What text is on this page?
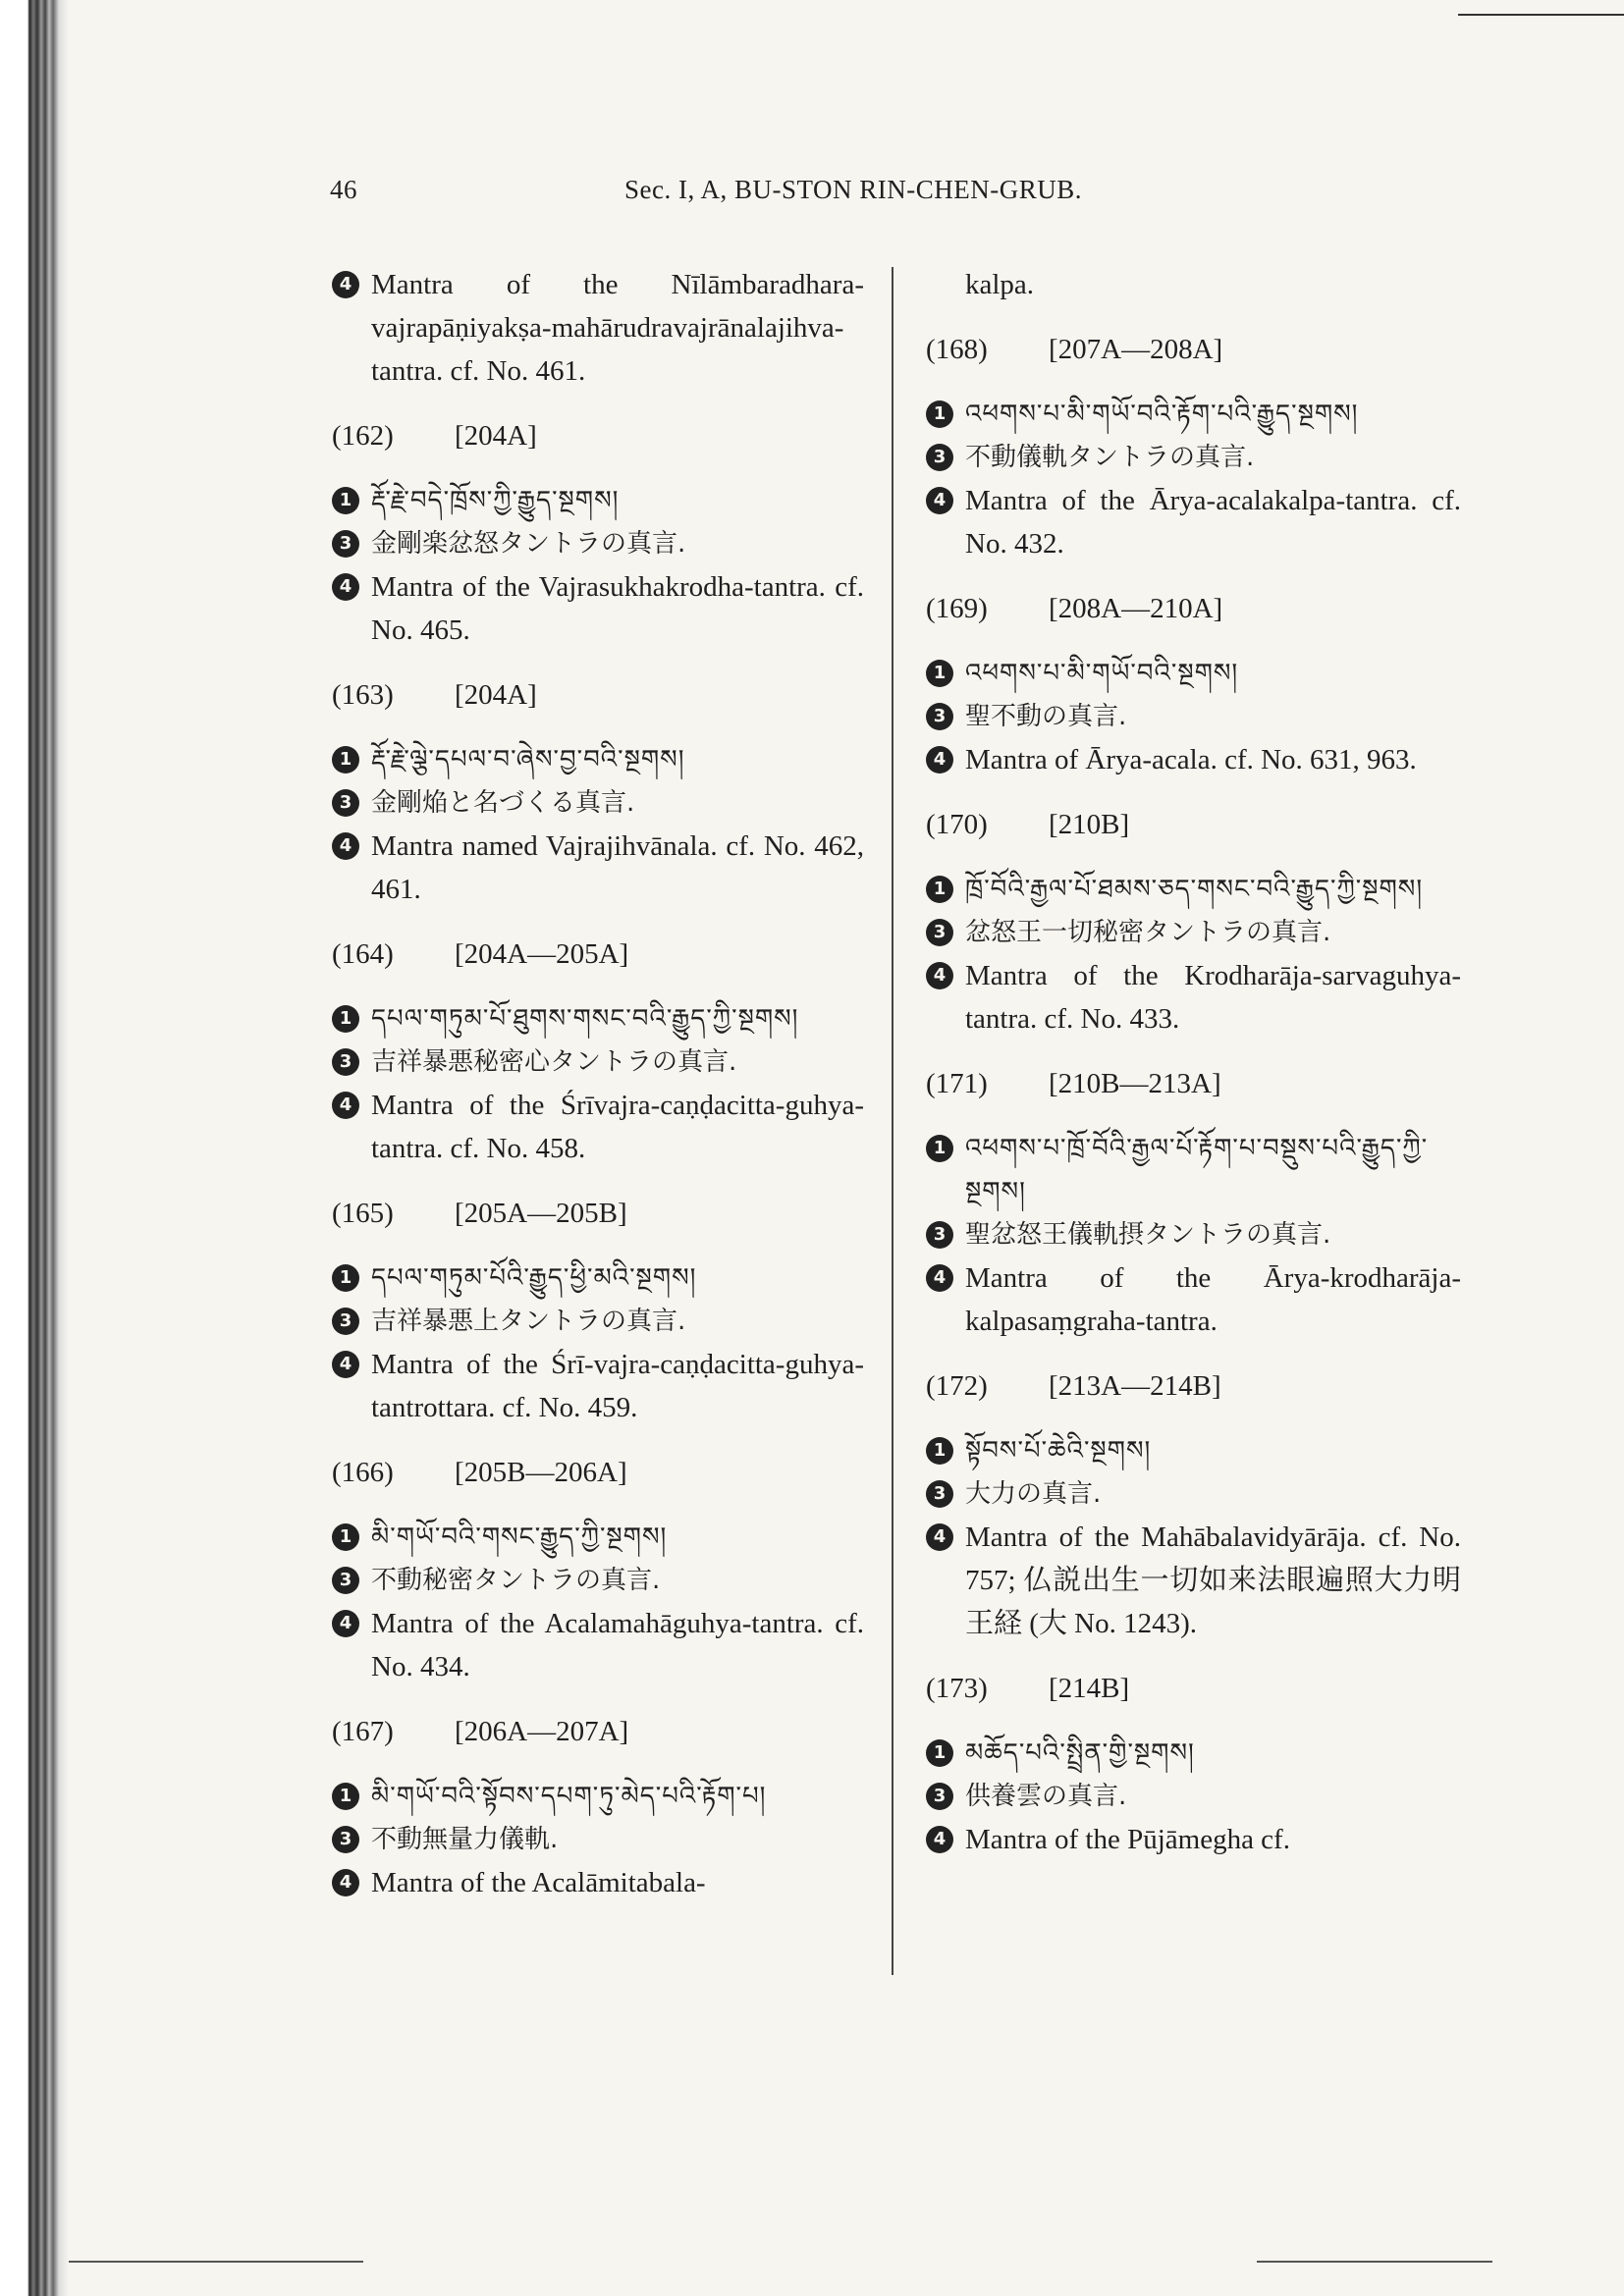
46	Sec. I, A, BU-STON RIN-CHEN-GRUB.
4 Mantra of the Nīlāmbaradhara-vajrapāṇiyakṣa-mahārudravajrānalajihva-tantra. cf. No. 461.
(162) [204A]
1 རྡོ་རྗེ་བདེ་ཁྲོས་ཀྱི་རྒྱུད་སྔགས།
3 金剛楽忿怒タントラの真言.
4 Mantra of the Vajrasukhakrodha-tantra. cf. No. 465.
(163) [204A]
1 རྡོ་རྗེ་ལྕེ་དཔལ་བ་ཞེས་བྱ་བའི་སྔགས།
3 金剛焔と名づくる真言.
4 Mantra named Vajrajihvānala. cf. No. 462, 461.
(164) [204A—205A]
1 དཔལ་གཏུམ་པོ་ཐུགས་གསང་བའི་རྒྱུད་ཀྱི་སྔགས།
3 吉祥暴悪秘密心タントラの真言.
4 Mantra of the Śrīvajra-caṇḍacitta-guhya-tantra. cf. No. 458.
(165) [205A—205B]
1 དཔལ་གཏུམ་པོའི་རྒྱུད་ཕྱི་མའི་སྔགས།
3 吉祥暴悪上タントラの真言.
4 Mantra of the Śrī-vajra-caṇḍacitta-guhya-tantrottara. cf. No. 459.
(166) [205B—206A]
1 མི་གཡོ་བའི་གསང་རྒྱུད་ཀྱི་སྔགས།
3 不動秘密タントラの真言.
4 Mantra of the Acalamahāguhya-tantra. cf. No. 434.
(167) [206A—207A]
1 མི་གཡོ་བའི་སྟོབས་དཔག་ཏུ་མེད་པའི་རྟོག་པ།
3 不動無量力儀軌.
4 Mantra of the Acalāmitabala-
kalpa.
(168) [207A—208A]
1 འཕགས་པ་མི་གཡོ་བའི་རྟོག་པའི་རྒྱུད་སྔགས།
3 不動儀軌タントラの真言.
4 Mantra of the Ārya-acalakalpa-tantra. cf. No. 432.
(169) [208A—210A]
1 འཕགས་པ་མི་གཡོ་བའི་སྔགས།
3 聖不動の真言.
4 Mantra of Ārya-acala. cf. No. 631, 963.
(170) [210B]
1 ཁྲོ་བོའི་རྒྱལ་པོ་ཐམས་ཅད་གསང་བའི་རྒྱུད་ཀྱི་སྔགས།
3 忿怒王一切秘密タントラの真言.
4 Mantra of the Krodharāja-sarvaguhya-tantra. cf. No. 433.
(171) [210B—213A]
1 འཕགས་པ་ཁྲོ་བོའི་རྒྱལ་པོ་རྟོག་པ་བསྡུས་པའི་རྒྱུད་ཀྱི་སྔགས།
3 聖忿怒王儀軌摂タントラの真言.
4 Mantra of the Ārya-krodharāja-kalpasaṃgraha-tantra.
(172) [213A—214B]
1 སྟོབས་པོ་ཆེའི་སྔགས།
3 大力の真言.
4 Mantra of the Mahābalavidyārāja. cf. No. 757; 仏説出生一切如来法眼遍照大力明王経 (大 No. 1243).
(173) [214B]
1 མཆོད་པའི་སྤྲིན་གྱི་སྔགས།
3 供養雲の真言.
4 Mantra of the Pūjāmegha cf.
